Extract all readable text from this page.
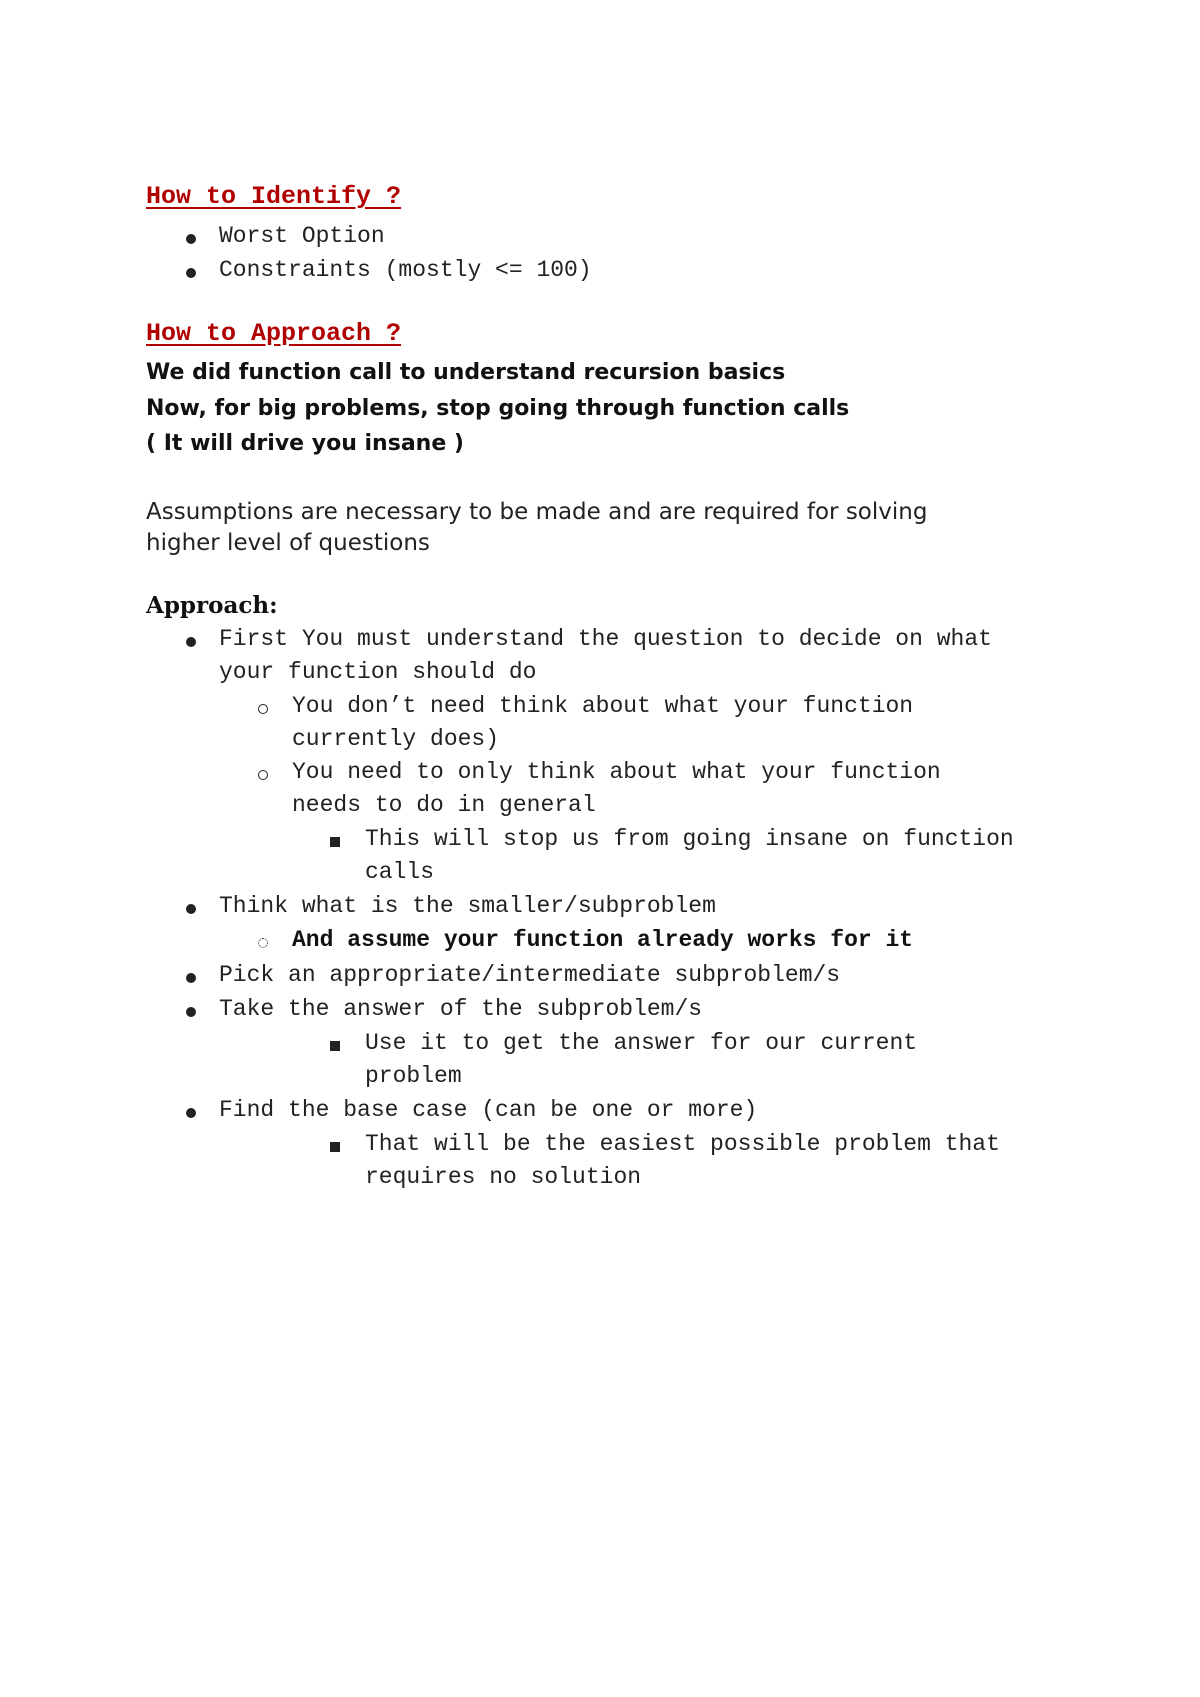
How to Identify ?
Worst Option
Constraints (mostly <= 100)
How to Approach ?
We did function call to understand recursion basics
Now, for big problems, stop going through function calls
( It will drive you insane )
Assumptions are necessary to be made and are required for solving
higher level of questions
Approach:
First You must understand the question to decide on what
your function should do
You don’t need think about what your function
currently does)
You need to only think about what your function
needs to do in general
This will stop us from going insane on function
calls
Think what is the smaller/subproblem
And assume your function already works for it
Pick an appropriate/intermediate subproblem/s
Take the answer of the subproblem/s
Use it to get the answer for our current
problem
Find the base case (can be one or more)
That will be the easiest possible problem that
requires no solution
